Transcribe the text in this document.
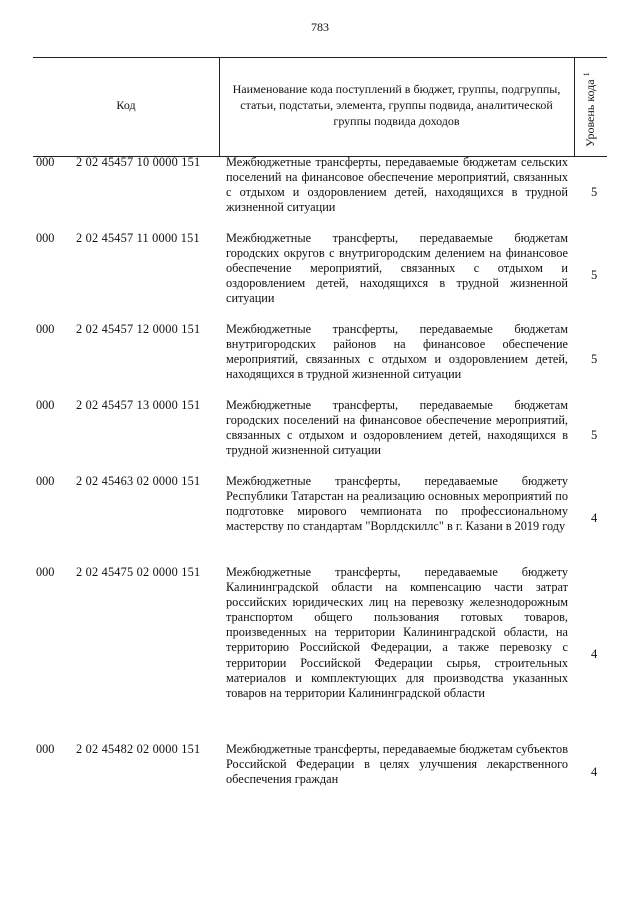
783
Код
Наименование кода поступлений в бюджет, группы, подгруппы, статьи, подстатьи, элемента, группы подвида, аналитической группы подвида доходов	Уровень кода $^1$
000 2 02 45457 10 0000 151 Межбюджетные трансферты, передаваемые бюджетам сельских поселений на финансовое обеспечение мероприятий, связанных с отдыхом и оздоровлением детей, находящихся в трудной жизненной ситуации
5
000 2 02 45457 11 0000 151 Межбюджетные трансферты, передаваемые бюджетам городских округов с внутригородским делением на финансовое обеспечение мероприятий, связанных с отдыхом и оздоровлением детей, находящихся в трудной жизненной ситуации
5
000 2 02 45457 12 0000 151 Межбюджетные трансферты, передаваемые бюджетам внутригородских районов на финансовое обеспечение мероприятий, связанных с отдыхом и оздоровлением детей, находящихся в трудной жизненной ситуации
5
000 2 02 45457 13 0000 151 Межбюджетные трансферты, передаваемые бюджетам городских поселений на финансовое обеспечение мероприятий, связанных с отдыхом и оздоровлением детей, находящихся в трудной жизненной ситуации
5
000 2 02 45463 02 0000 151 Межбюджетные трансферты, передаваемые бюджету Республики Татарстан на реализацию основных мероприятий по подготовке мирового чемпионата по профессиональному мастерству по стандартам "Ворлдскиллс" в г. Казани в 2019 году
4
000 2 02 45475 02 0000 151 Межбюджетные трансферты, передаваемые бюджету Калининградской области на компенсацию части затрат российских юридических лиц на перевозку железнодорожным транспортом общего пользования готовых товаров, произведенных на территории Калининградской области, на территорию Российской Федерации, а также перевозку с территории Российской Федерации сырья, строительных материалов и комплектующих для производства указанных товаров на территории Калининградской области
4
000 2 02 45482 02 0000 151 Межбюджетные трансферты, передаваемые бюджетам субъектов Российской Федерации в целях улучшения лекарственного обеспечения граждан
4
